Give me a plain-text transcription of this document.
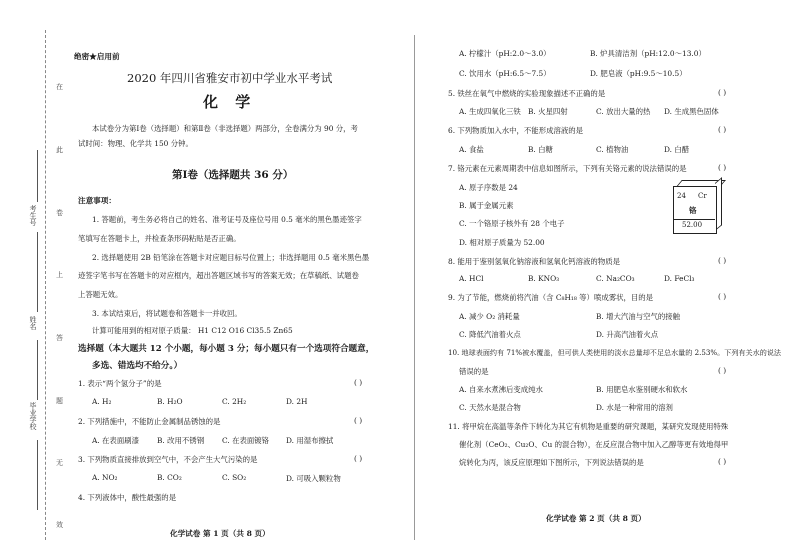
在
此
卷
上
答
题
无
效
考生号
姓名
毕业学校
绝密★启用前
2020 年四川省雅安市初中学业水平考试
化 学
本试卷分为第Ⅰ卷（选择题）和第Ⅱ卷（非选择题）两部分，全卷满分为 90 分，考
试时间：物理、化学共 150 分钟。
第Ⅰ卷（选择题共 36 分）
注意事项：
1. 答题前，考生务必将自己的姓名、准考证号及座位号用 0.5 毫米的黑色墨迹签字
笔填写在答题卡上，并检查条形码粘贴是否正确。
2. 选择题使用 2B 铅笔涂在答题卡对应题目标号位置上；非选择题用 0.5 毫米黑色墨
迹签字笔书写在答题卡的对应框内，超出答题区域书写的答案无效；在草稿纸、试题卷
上答题无效。
3. 本试结束后，将试题卷和答题卡一并收回。
计算可能用到的相对原子质量： H1 C12 O16 Cl35.5 Zn65
选择题（本大题共 12 个小题，每小题 3 分；每小题只有一个选项符合题意，
多选、错选均不给分。）
1. 表示“两个氢分子”的是	( )
A. H₂	B. H₂O	C. 2H₂	D. 2H
2. 下列措施中，不能防止金属制品锈蚀的是	( )
A. 在表面刷漆 B. 改用不锈钢 C. 在表面镀铬 D. 用湿布擦拭
3. 下列物质直接排放到空气中，不会产生大气污染的是	( )
A. NO₂	B. CO₂	C. SO₂	D. 可吸入颗粒物
4. 下列液体中，酸性最强的是
化学试卷 第 1 页（共 8 页）
A. 柠檬汁（pH:2.0～3.0）	B. 炉具清洁剂（pH:12.0～13.0）
C. 饮用水（pH:6.5～7.5）	D. 肥皂液（pH:9.5～10.5）
5. 铁丝在氧气中燃烧的实验现象描述不正确的是	( )
A. 生成四氧化三铁 B. 火星四射	C. 放出大量的热 D. 生成黑色固体
6. 下列物质加入水中，不能形成溶液的是	( )
A. 食盐	B. 白糖	C. 植物油	D. 白醋
7. 铬元素在元素周期表中信息如图所示，下列有关铬元素的说法错误的是	( )
A. 原子序数是 24
B. 属于金属元素
C. 一个铬原子核外有 28 个电子
D. 相对原子质量为 52.00
24 Cr
铬
52.00
8. 能用于鉴别氢氧化钠溶液和氢氧化钙溶液的物质是	( )
A. HCl	B. KNO₃	C. Na₂CO₃	D. FeCl₃
9. 为了节能，燃烧前将汽油（含 C₈H₁₈ 等）喷成雾状，目的是	( )
A. 减少 O₂ 消耗量	B. 增大汽油与空气的接触
C. 降低汽油着火点	D. 升高汽油着火点
10. 地球表面约有 71%被水覆盖，但可供人类使用的淡水总量却不足总水量的 2.53%。下列有关水的说法
错误的是	( )
A. 自来水煮沸后变成纯水	B. 用肥皂水鉴别硬水和软水
C. 天然水是混合物	D. 水是一种常用的溶剂
11. 将甲烷在高温等条件下转化为其它有机物是重要的研究课题，某研究发现使用特殊
催化剂（CeO₂、Cu₂O、Cu 的混合物），在反应混合物中加入乙醇等更有效地得甲
烷转化为丙，该反应原理如下图所示，下列说法错误的是	( )
化学试卷 第 2 页（共 8 页）
